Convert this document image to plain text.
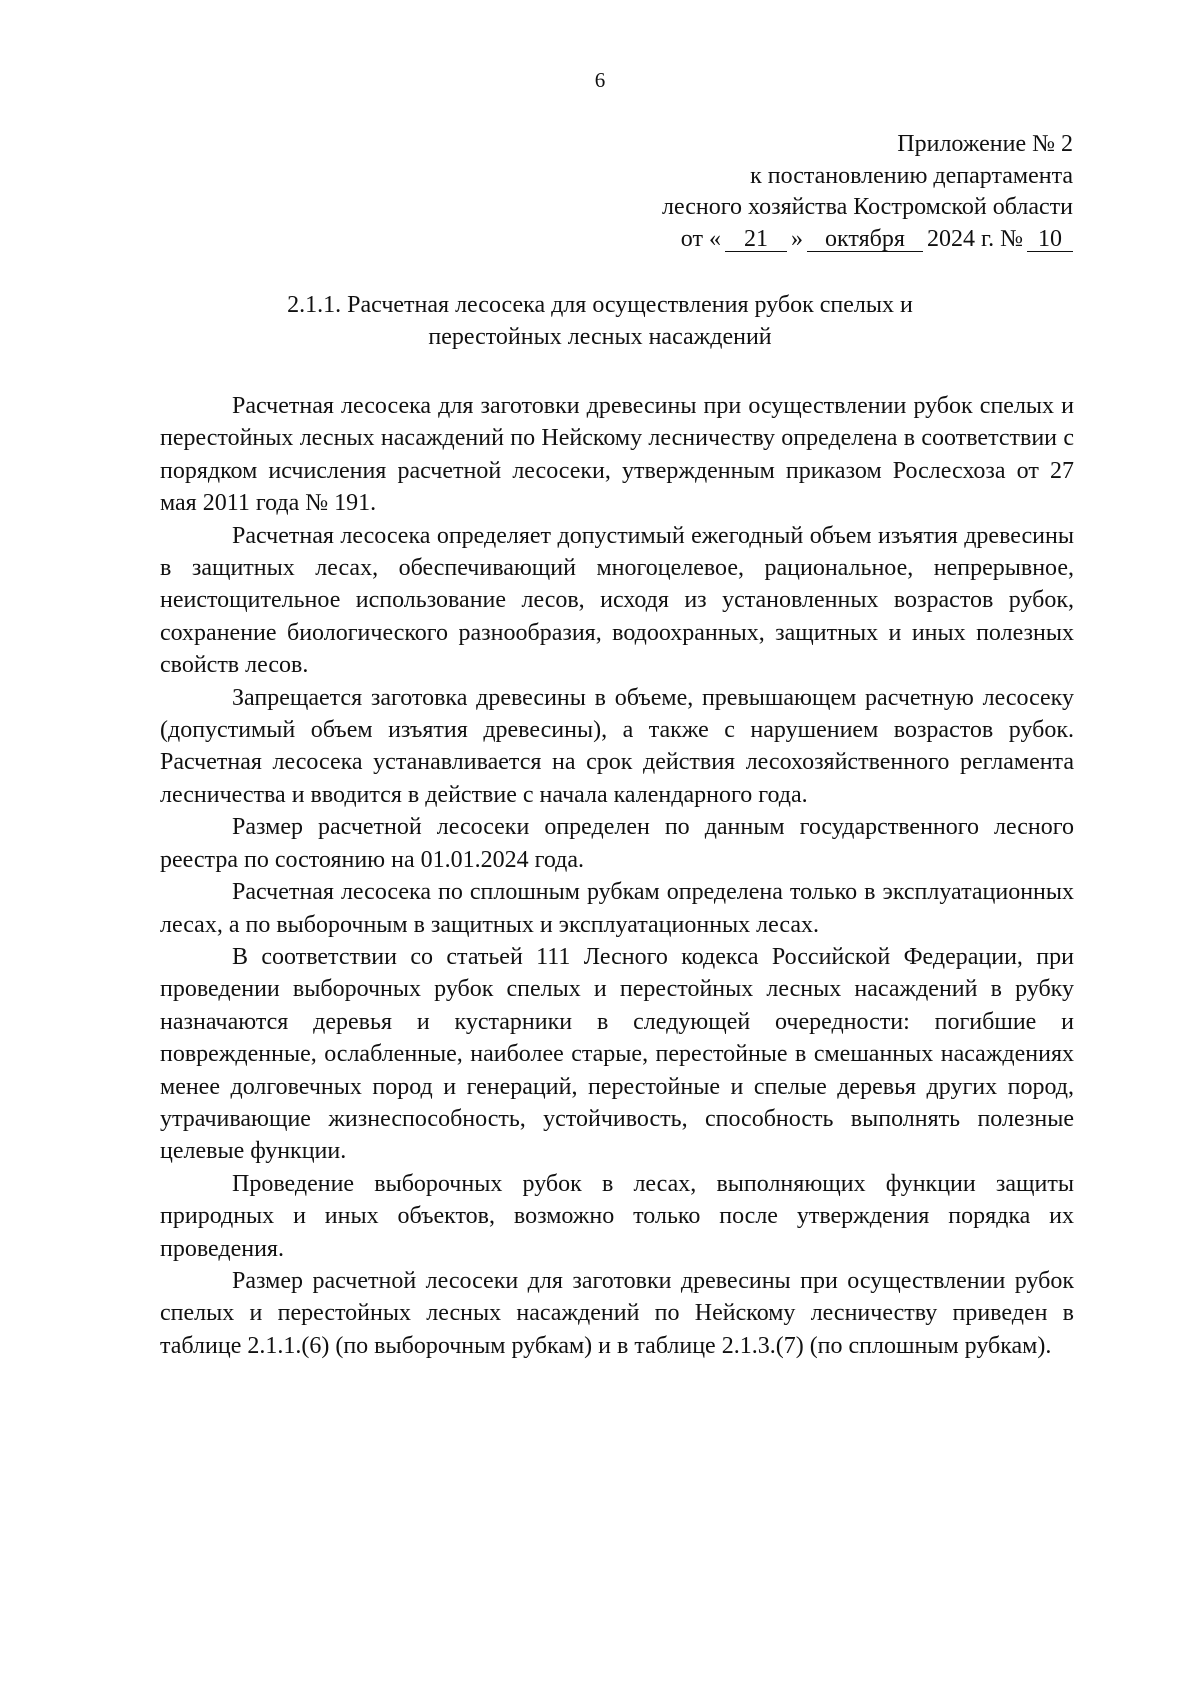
6
Приложение № 2
к постановлению департамента
лесного хозяйства Костромской области
от « 21 » октября 2024 г. № 10
2.1.1. Расчетная лесосека для осуществления рубок спелых и
перестойных лесных насаждений

Расчетная лесосека для заготовки древесины при осуществлении рубок спелых и перестойных лесных насаждений по Нейскому лесничеству определена в соответствии с порядком исчисления расчетной лесосеки, утвержденным приказом Рослесхоза от 27 мая 2011 года № 191.

Расчетная лесосека определяет допустимый ежегодный объем изъятия древесины в защитных лесах, обеспечивающий многоцелевое, рациональное, непрерывное, неистощительное использование лесов, исходя из установленных возрастов рубок, сохранение биологического разнообразия, водоохранных, защитных и иных полезных свойств лесов.

Запрещается заготовка древесины в объеме, превышающем расчетную лесосеку (допустимый объем изъятия древесины), а также с нарушением возрастов рубок. Расчетная лесосека устанавливается на срок действия лесохозяйственного регламента лесничества и вводится в действие с начала календарного года.

Размер расчетной лесосеки определен по данным государственного лесного реестра по состоянию на 01.01.2024 года.

Расчетная лесосека по сплошным рубкам определена только в эксплуатационных лесах, а по выборочным в защитных и эксплуатационных лесах.

В соответствии со статьей 111 Лесного кодекса Российской Федерации, при проведении выборочных рубок спелых и перестойных лесных насаждений в рубку назначаются деревья и кустарники в следующей очередности: погибшие и поврежденные, ослабленные, наиболее старые, перестойные в смешанных насаждениях менее долговечных пород и генераций, перестойные и спелые деревья других пород, утрачивающие жизнеспособность, устойчивость, способность выполнять полезные целевые функции.

Проведение выборочных рубок в лесах, выполняющих функции защиты природных и иных объектов, возможно только после утверждения порядка их проведения.

Размер расчетной лесосеки для заготовки древесины при осуществлении рубок спелых и перестойных лесных насаждений по Нейскому лесничеству приведен в таблице 2.1.1.(6) (по выборочным рубкам) и в таблице 2.1.3.(7) (по сплошным рубкам).
